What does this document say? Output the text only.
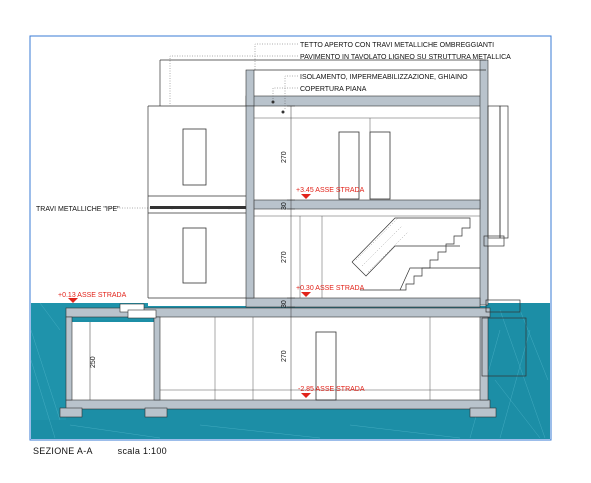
TETTO APERTO CON TRAVI METALLICHE OMBREGGIANTI
PAVIMENTO IN TAVOLATO LIGNEO SU STRUTTURA METALLICA
ISOLAMENTO, IMPERMEABILIZZAZIONE, GHIAINO
COPERTURA PIANA
TRAVI METALLICHE "IPE"
+3.45 ASSE STRADA
+0.30 ASSE STRADA
-2.85 ASSE STRADA
+0.13 ASSE STRADA
270
30
270
30
270
250
SEZIONE A-A	scala 1:100
